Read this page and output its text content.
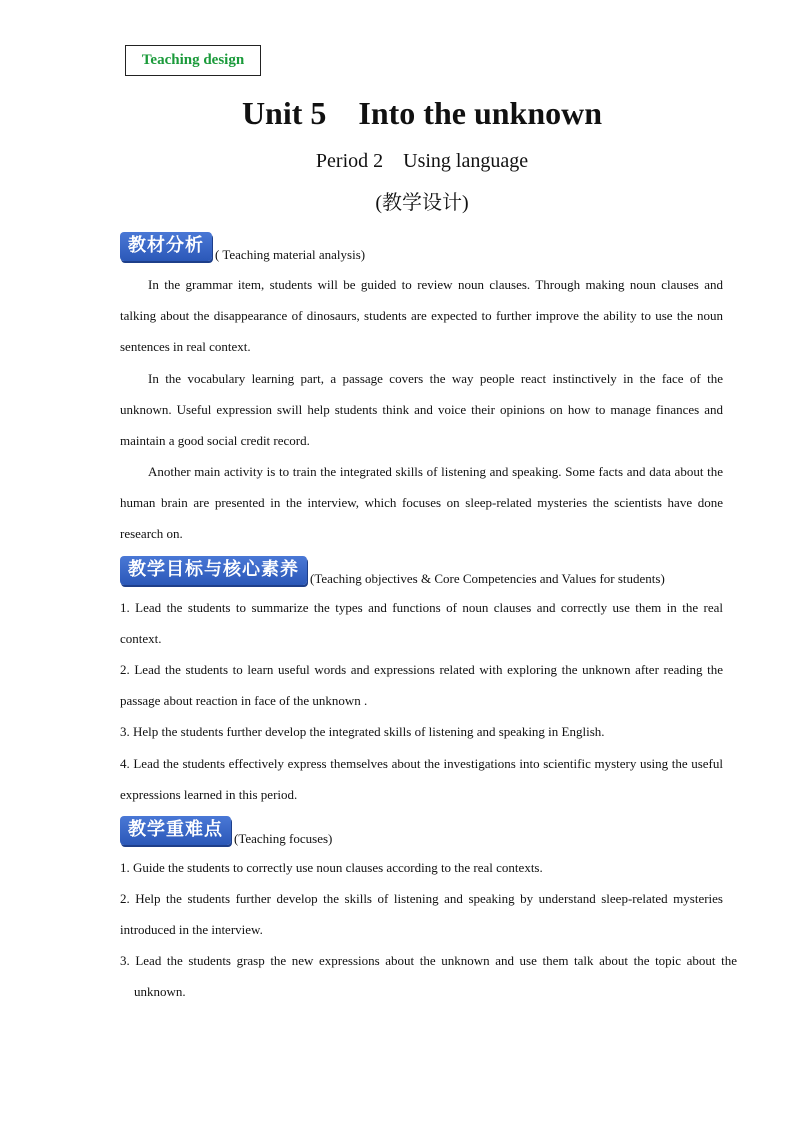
Teaching design
Unit 5    Into the unknown
Period 2    Using language
(教学设计)
教材分析 ( Teaching material analysis)

In the grammar item, students will be guided to review noun clauses. Through making noun clauses and talking about the disappearance of dinosaurs, students are expected to further improve the ability to use the noun sentences in real context.

In the vocabulary learning part, a passage covers the way people react instinctively in the face of the unknown. Useful expression swill help students think and voice their opinions on how to manage finances and maintain a good social credit record.

Another main activity is to train the integrated skills of listening and speaking. Some facts and data about the human brain are presented in the interview, which focuses on sleep-related mysteries the scientists have done research on.

教学目标与核心素养 (Teaching objectives & Core Competencies and Values for students)

1. Lead the students to summarize the types and functions of noun clauses and correctly use them in the real context.

2. Lead the students to learn useful words and expressions related with exploring the unknown after reading the passage about reaction in face of the unknown .

3. Help the students further develop the integrated skills of listening and speaking in English.

4. Lead the students effectively express themselves about the investigations into scientific mystery using the useful expressions learned in this period.

教学重难点 (Teaching focuses)

1. Guide the students to correctly use noun clauses according to the real contexts.

2. Help the students further develop the skills of listening and speaking by understand sleep-related mysteries introduced in the interview.

3. Lead the students grasp the new expressions about the unknown and use them talk about the topic about the unknown.
